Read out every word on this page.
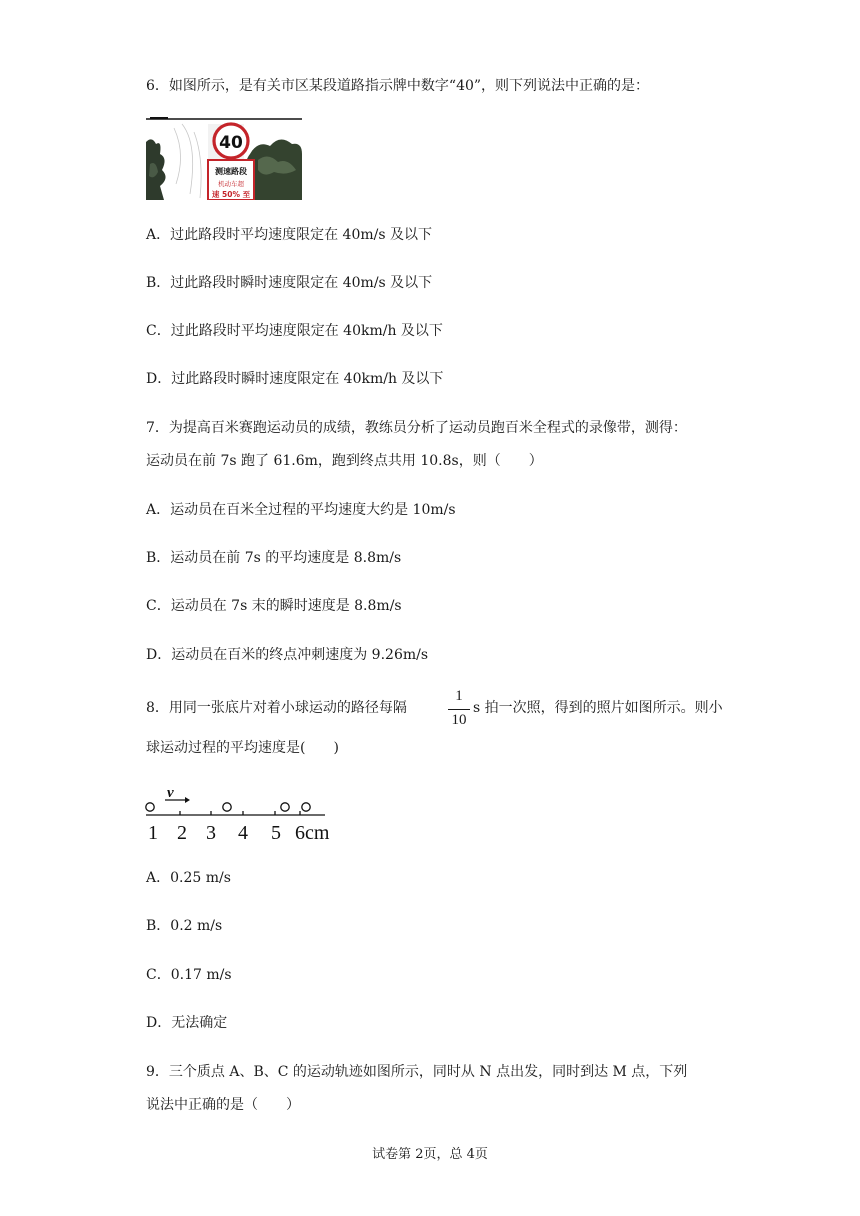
6．如图所示，是有关市区某段道路指示牌中数字“40”，则下列说法中正确的是：
40
测速路段
机动车超
速 50% 至
A．过此路段时平均速度限定在 40m/s 及以下
B．过此路段时瞬时速度限定在 40m/s 及以下
C．过此路段时平均速度限定在 40km/h 及以下
D．过此路段时瞬时速度限定在 40km/h 及以下
7．为提高百米赛跑运动员的成绩，教练员分析了运动员跑百米全程式的录像带，测得：
运动员在前 7s 跑了 61.6m，跑到终点共用 10.8s，则（　　）
A．运动员在百米全过程的平均速度大约是 10m/s
B．运动员在前 7s 的平均速度是 8.8m/s
C．运动员在 7s 末的瞬时速度是 8.8m/s
D．运动员在百米的终点冲刺速度为 9.26m/s
8．用同一张底片对着小球运动的路径每隔
1
10
s 拍一次照，得到的照片如图所示。则小
球运动过程的平均速度是(　　)
v
1 2 3 4 5 6cm
A．0.25 m/s
B．0.2 m/s
C．0.17 m/s
D．无法确定
9．三个质点 A、B、C 的运动轨迹如图所示，同时从 N 点出发，同时到达 M 点，下列
说法中正确的是（　　）
试卷第 2页，总 4页
